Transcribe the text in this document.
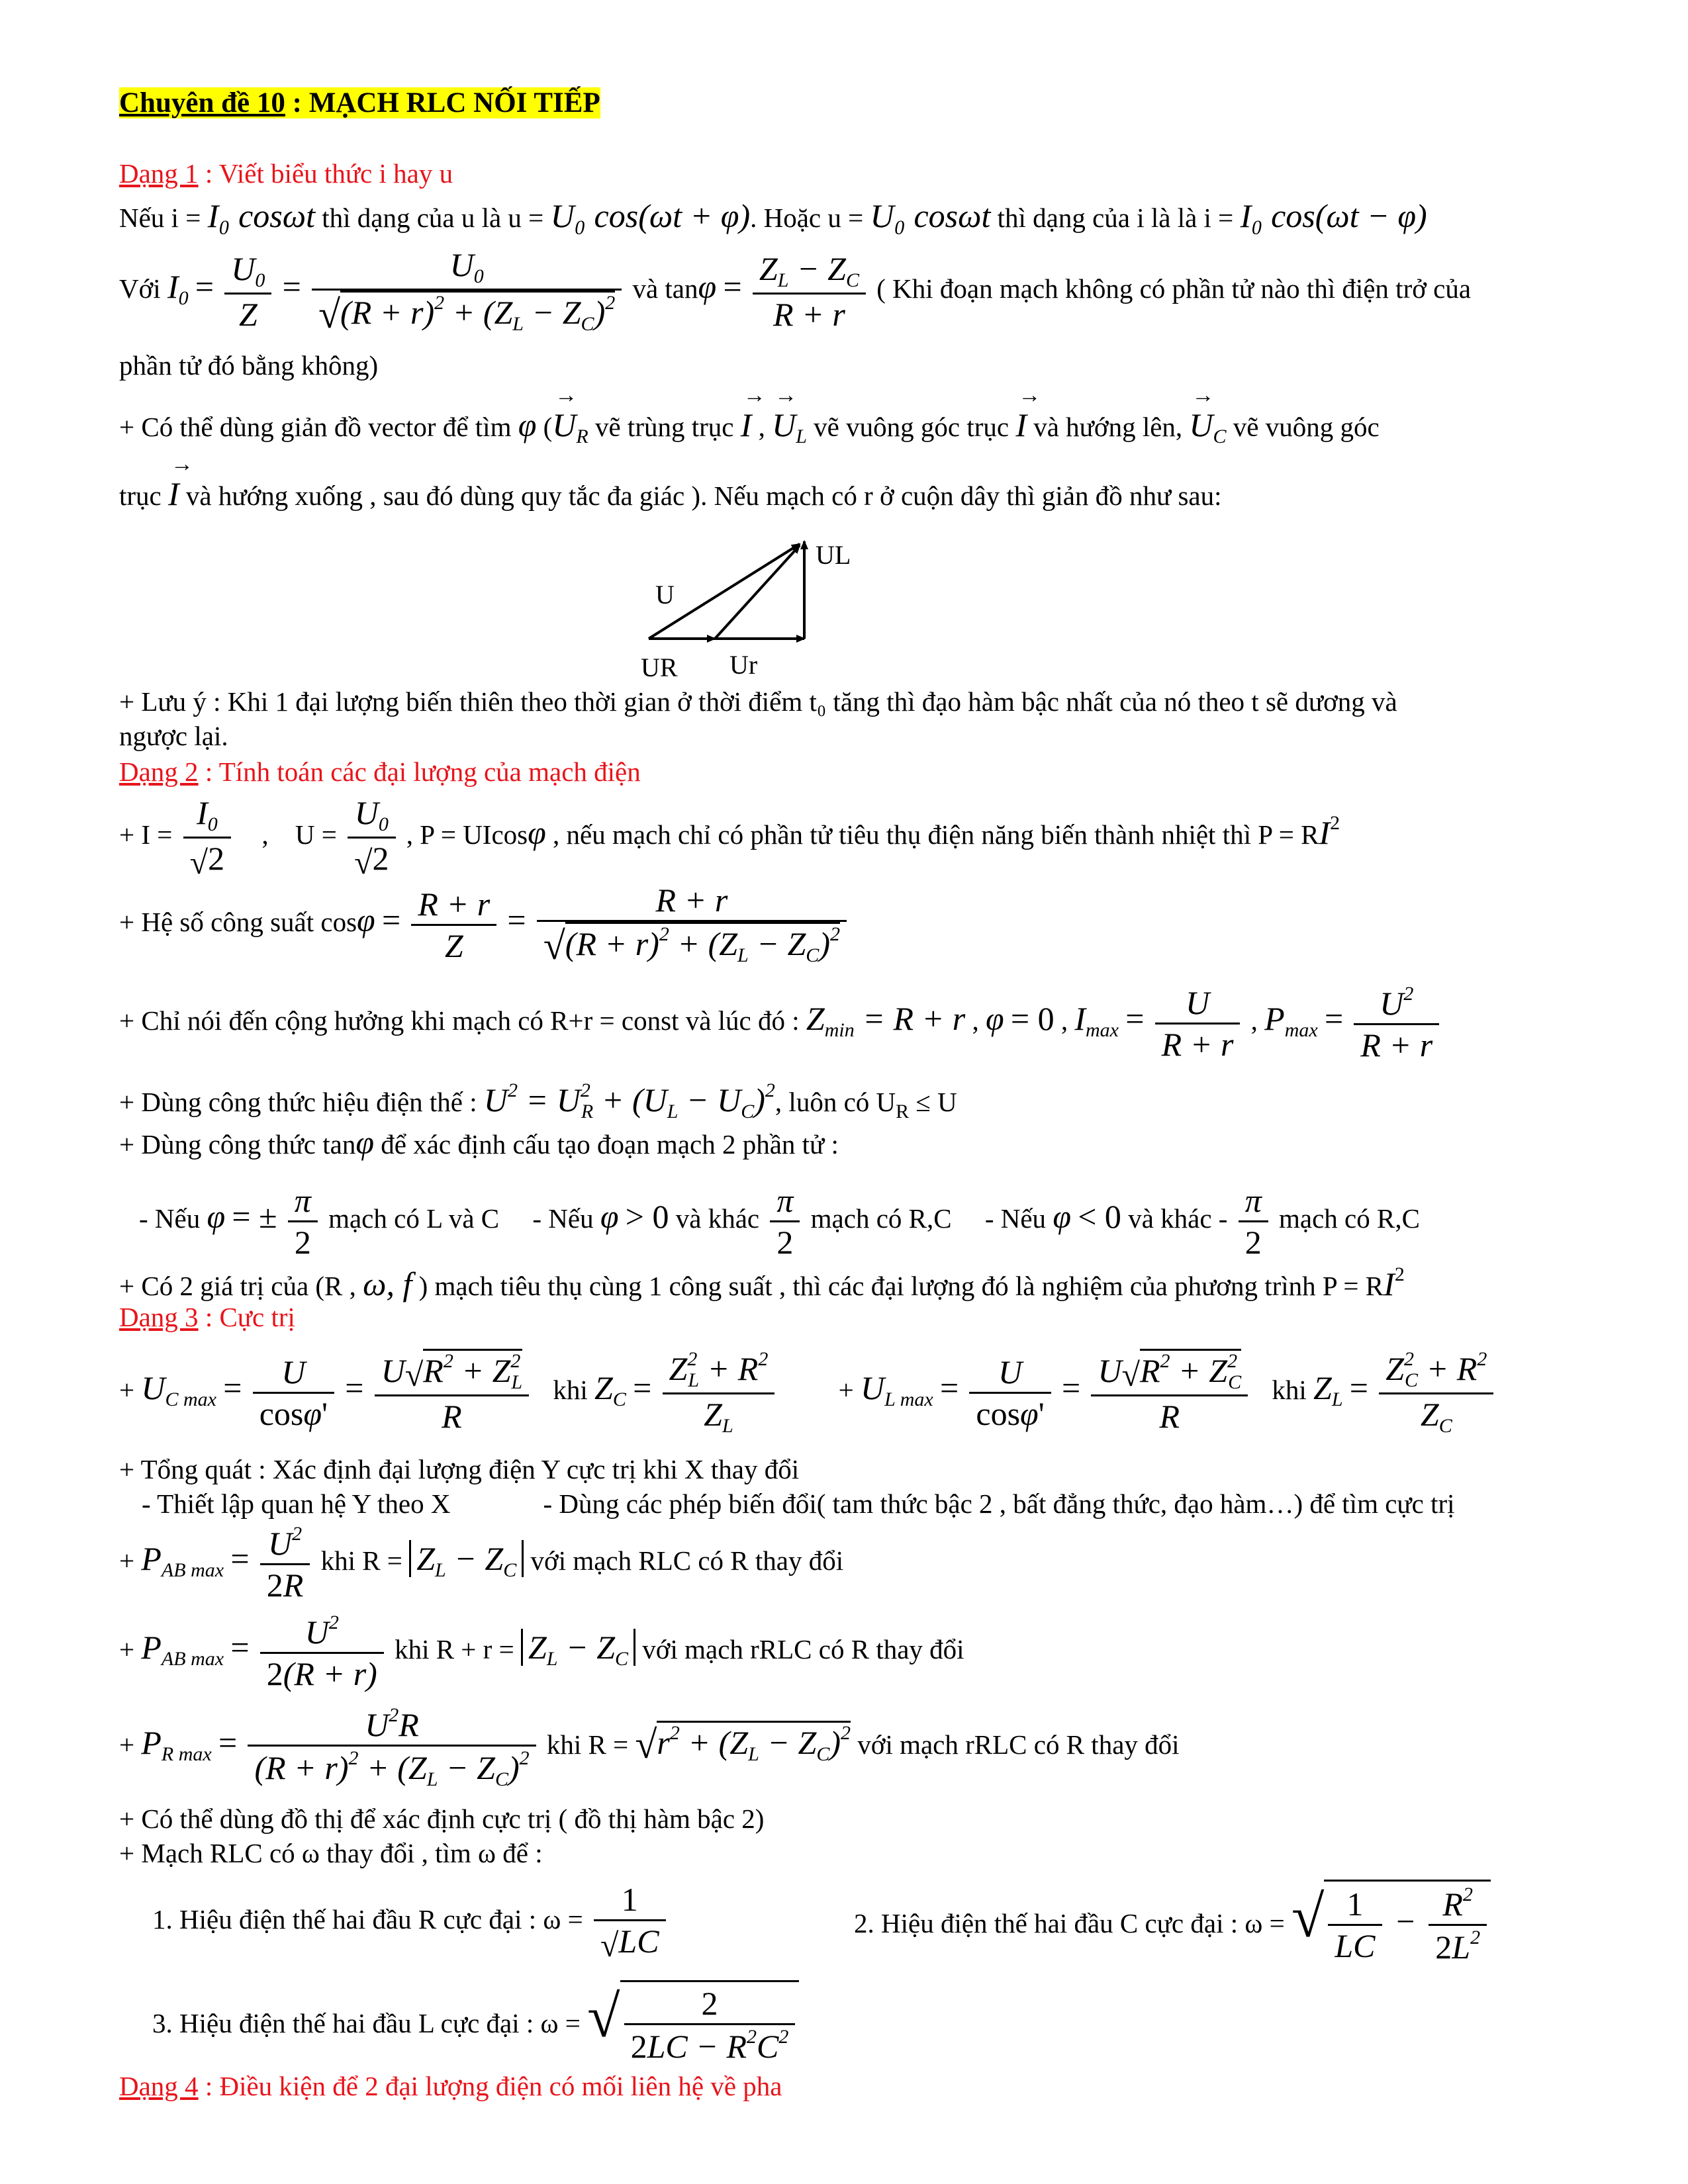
Chuyên đề 10 : MẠCH RLC NỐI TIẾP
Dạng 1 : Viết biểu thức i hay u
Nếu i = I₀ cosωt thì dạng của u là u = U₀ cos(ωt + φ). Hoặc u = U₀ cosωt thì dạng của i là là i = I₀ cos(ωt − φ)
Với $I_0 = \frac{U_0}{Z} = \frac{U_0}{√(R + r)^2 + (Z_L - Z_C)^2}$ và $\tan\varphi = \frac{Z_L - Z_C}{R + r}$ ( Khi đoạn mạch không có phần tử nào thì điện trở của
phần tử đó bằng không)
+ Có thể dùng giản đồ vector để tìm φ (→ $U_R$ vẽ trùng trục → I , → $U_L$ vẽ vuông góc trục → I và hướng lên, → $U_C$ vẽ vuông góc
trục → I và hướng xuống , sau đó dùng quy tắc đa giác ). Nếu mạch có r ở cuộn dây thì giản đồ như sau:
U
UL
UR Ur
+ Lưu ý : Khi 1 đại lượng biến thiên theo thời gian ở thời điểm t₀ tăng thì đạo hàm bậc nhất của nó theo t sẽ dương và
ngược lại.
Dạng 2 : Tính toán các đại lượng của mạch điện
+ $I = \frac{I_0}{√2}$ , $U = \frac{U_0}{√2}$ , P = UIcosφ , nếu mạch chỉ có phần tử tiêu thụ điện năng biến thành nhiệt thì $P = RI^2$
+ Hệ số công suất $\cos\varphi = \frac{R + r}{Z} = \frac{R + r}{√(R + r)^2 + (Z_L - Z_C)^2}$
+ Chỉ nói đến cộng hưởng khi mạch có R+r = const và lúc đó : $Z_{min} = R + r$ , φ = 0 , $I_{max} = \frac{U}{R + r}$ , $P_{max} = \frac{U^2}{R + r}$
+ Dùng công thức hiệu điện thế : $U^2 = U^2_R + (U_L - U_C)^2$, luôn có $U_R \le U$
+ Dùng công thức tanφ để xác định cấu tạo đoạn mạch 2 phần tử :
- Nếu φ = ± $\frac{\pi}{2}$ mạch có L và C - Nếu φ > 0 và khác $\frac{\pi}{2}$ mạch có R,C - Nếu φ < 0 và khác - $\frac{\pi}{2}$ mạch có R,C
+ Có 2 giá trị của (R , ω, f ) mạch tiêu thụ cùng 1 công suất , thì các đại lượng đó là nghiệm của phương trình $P = RI^2$
Dạng 3 : Cực trị
+ $U_{C max} = \frac{U}{\cos\varphi'} = \frac{U√R^2 + Z^2_L}{R}$ khi $Z_C = \frac{Z^2_L + R^2}{Z_L} + U_{L max} = \frac{U}{\cos\varphi'} = \frac{U√R^2 + Z^2_C}{R}$ khi $Z_L = \frac{Z^2_C + R^2}{Z_C}$
+ Tổng quát : Xác định đại lượng điện Y cực trị khi X thay đổi
- Thiết lập quan hệ Y theo X	- Dùng các phép biến đổi( tam thức bậc 2 , bất đẳng thức, đạo hàm…) để tìm cực trị
+ $P_{AB max} = \frac{U^2}{2R}$ khi $R = Z_L - Z_C$ với mạch RLC có R thay đổi
+ $P_{AB max} = \frac{U^2}{2(R + r)}$ khi $R + r = Z_L - Z_C$ với mạch rRLC có R thay đổi
+ $P_{R max} = \frac{U^2R}{(R + r)^2 + (Z_L - Z_C)^2}$ khi $R = √r^2 + (Z_L - Z_C)^2$ với mạch rRLC có R thay đổi
+ Có thể dùng đồ thị để xác định cực trị ( đồ thị hàm bậc 2)
+ Mạch RLC có ω thay đổi , tìm ω để :
1. Hiệu điện thế hai đầu R cực đại : $\omega = \frac{1}{√LC}$	2. Hiệu điện thế hai đầu C cực đại : ω = √ $\frac{1}{LC} - \frac{R^2}{2L^2}$
3. Hiệu điện thế hai đầu L cực đại : ω = √ $\frac{2}{2LC - R^2C^2}$
Dạng 4 : Điều kiện để 2 đại lượng điện có mối liên hệ về pha
